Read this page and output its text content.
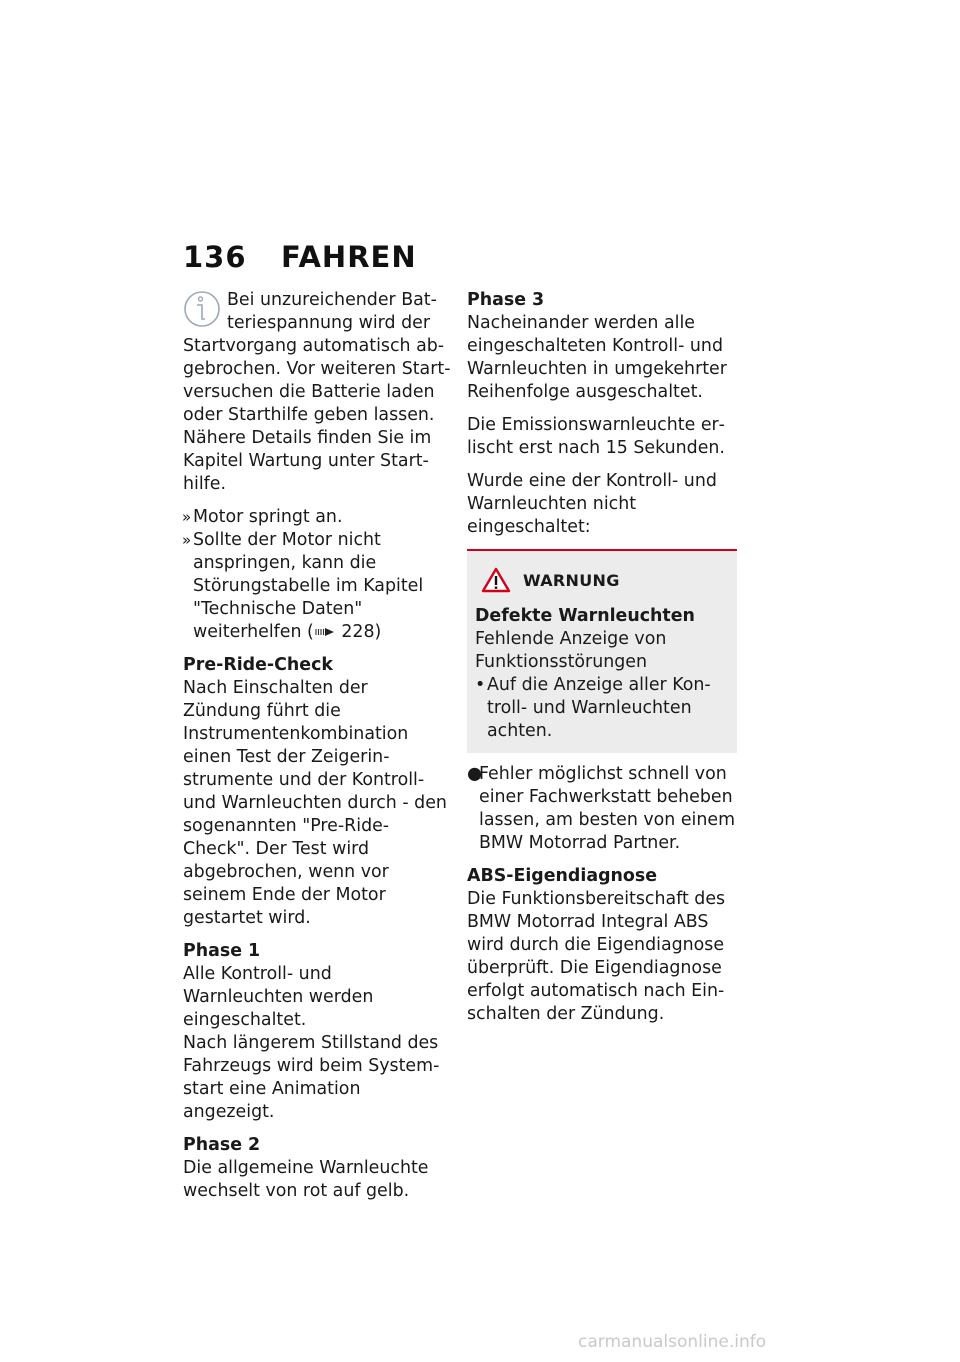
136 FAHREN

Bei unzureichender Batteriespannung wird der
Startvorgang automatisch abgebrochen. Vor weiteren Startversuchen die Batterie laden oder Starthilfe geben lassen.

Nähere Details finden Sie im Kapitel Wartung unter Starthilfe.

» Motor springt an.
» Sollte der Motor nicht anspringen, kann die Störungstabelle im Kapitel "Technische Daten" weiterhelfen ( 228)
Pre-Ride-Check

Nach Einschalten der Zündung führt die Instrumentenkombination einen Test der Zeigerinstrumente und der Kontroll- und Warnleuchten durch - den sogenannten "Pre-Ride-Check". Der Test wird abgebrochen, wenn vor seinem Ende der Motor gestartet wird.

Phase 1

Alle Kontroll- und Warnleuchten werden eingeschaltet.

Nach längerem Stillstand des Fahrzeugs wird beim Systemstart eine Animation angezeigt.

Phase 2

Die allgemeine Warnleuchte wechselt von rot auf gelb.

Phase 3

Nacheinander werden alle eingeschalteten Kontroll- und Warnleuchten in umgekehrter Reihenfolge ausgeschaltet.

Die Emissionswarnleuchte erlischt erst nach 15 Sekunden.

Wurde eine der Kontroll- und Warnleuchten nicht eingeschaltet:

WARNUNG
Defekte Warnleuchten

Fehlende Anzeige von Funktionsstörungen

• Auf die Anzeige aller Kontroll- und Warnleuchten achten.
●
Fehler möglichst schnell von einer Fachwerkstatt beheben lassen, am besten von einem BMW Motorrad Partner.
ABS-Eigendiagnose

Die Funktionsbereitschaft des BMW Motorrad Integral ABS wird durch die Eigendiagnose überprüft. Die Eigendiagnose erfolgt automatisch nach Einschalten der Zündung.

carmanualsonline.info
